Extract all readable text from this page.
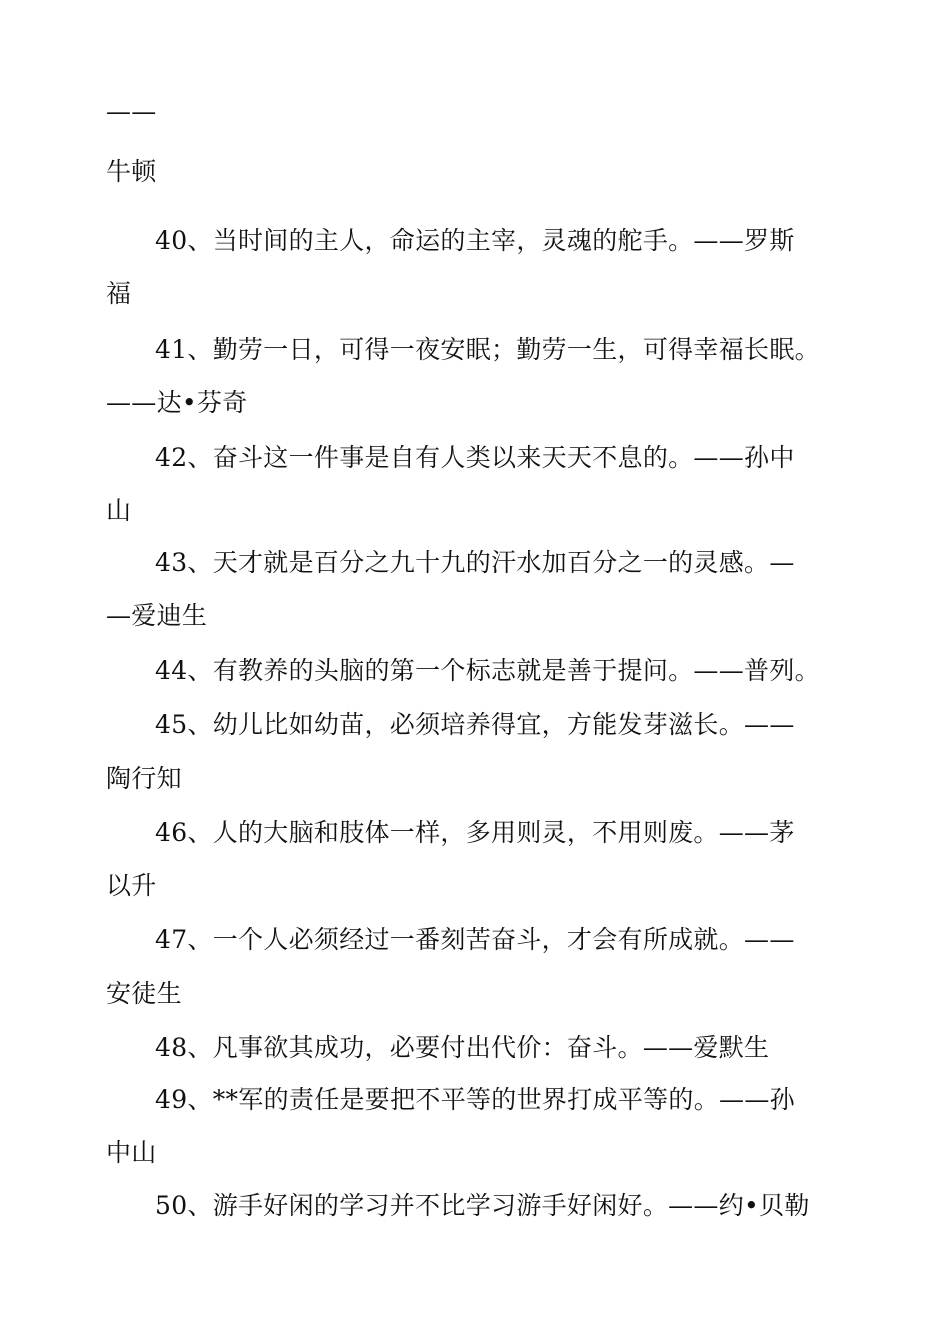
——
牛顿
40、当时间的主人，命运的主宰，灵魂的舵手。——罗斯
福
41、勤劳一日，可得一夜安眠；勤劳一生，可得幸福长眠。
——达•芬奇
42、奋斗这一件事是自有人类以来天天不息的。——孙中
山
43、天才就是百分之九十九的汗水加百分之一的灵感。—
—爱迪生
44、有教养的头脑的第一个标志就是善于提问。——普列。
45、幼儿比如幼苗，必须培养得宜，方能发芽滋长。——
陶行知
46、人的大脑和肢体一样，多用则灵，不用则废。——茅
以升
47、一个人必须经过一番刻苦奋斗，才会有所成就。——
安徒生
48、凡事欲其成功，必要付出代价：奋斗。——爱默生
49、**军的责任是要把不平等的世界打成平等的。——孙
中山
50、游手好闲的学习并不比学习游手好闲好。——约•贝勒
